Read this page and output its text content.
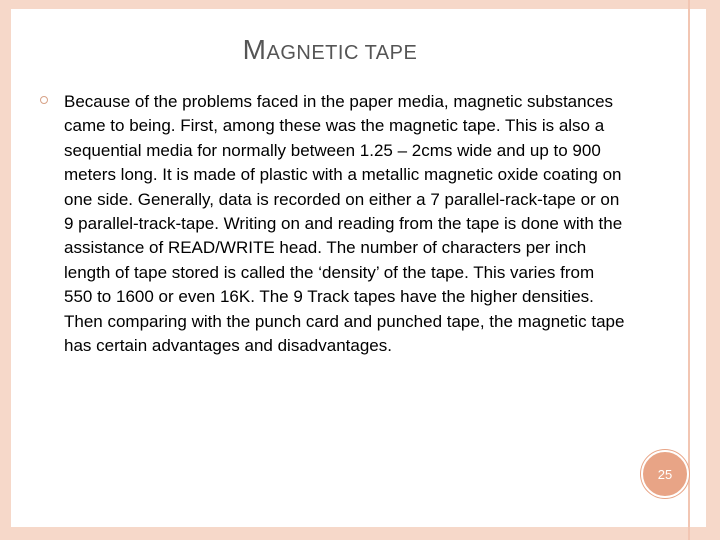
MAGNETIC TAPE
Because of the problems faced in the paper media, magnetic substances came to being. First, among these was the magnetic tape. This is also a sequential media for normally between 1.25 – 2cms wide and up to 900 meters long. It is made of plastic with a metallic magnetic oxide coating on one side. Generally, data is recorded on either a 7 parallel-rack-tape or on 9 parallel-track-tape. Writing on and reading from the tape is done with the assistance of READ/WRITE head. The number of characters per inch length of tape stored is called the ‘density’ of the tape. This varies from 550 to 1600 or even 16K. The 9 Track tapes have the higher densities. Then comparing with the punch card and punched tape, the magnetic tape has certain advantages and disadvantages.
25
